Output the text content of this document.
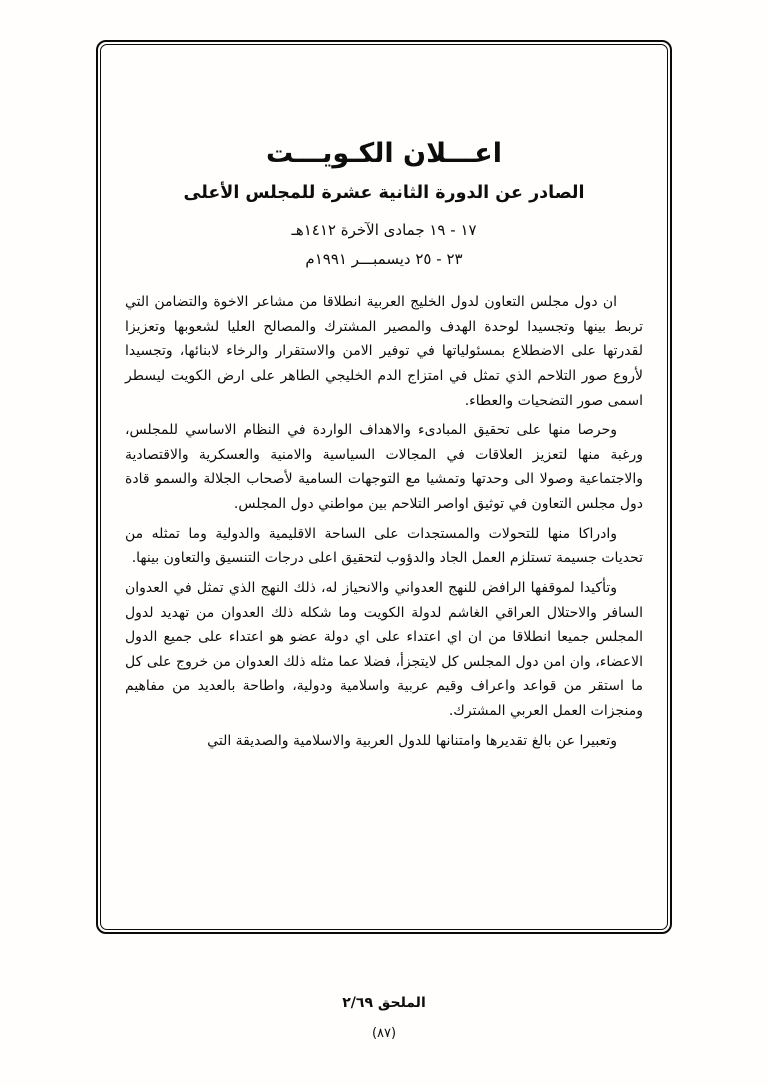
اعـــلان الكـويـــت
الصادر عن الدورة الثانية عشرة للمجلس الأعلى
١٧ - ١٩ جمادى الآخرة ١٤١٢هـ
٢٣ - ٢٥ ديسمبـــر ١٩٩١م

ان دول مجلس التعاون لدول الخليج العربية انطلاقا من مشاعر الاخوة والتضامن التي تربط بينها وتجسيدا لوحدة الهدف والمصير المشترك والمصالح العليا لشعوبها وتعزيزا لقدرتها على الاضطلاع بمسئولياتها في توفير الامن والاستقرار والرخاء لابنائها، وتجسيدا لأروع صور التلاحم الذي تمثل في امتزاج الدم الخليجي الطاهر على ارض الكويت ليسطر اسمى صور التضحيات والعطاء.

وحرصا منها على تحقيق المبادىء والاهداف الواردة في النظام الاساسي للمجلس، ورغبة منها لتعزيز العلاقات في المجالات السياسية والامنية والعسكرية والاقتصادية والاجتماعية وصولا الى وحدتها وتمشيا مع التوجهات السامية لأصحاب الجلالة والسمو قادة دول مجلس التعاون في توثيق اواصر التلاحم بين مواطني دول المجلس.

وادراكا منها للتحولات والمستجدات على الساحة الاقليمية والدولية وما تمثله من تحديات جسيمة تستلزم العمل الجاد والدؤوب لتحقيق اعلى درجات التنسيق والتعاون بينها.

وتأكيدا لموقفها الرافض للنهج العدواني والانحياز له، ذلك النهج الذي تمثل في العدوان السافر والاحتلال العراقي الغاشم لدولة الكويت وما شكله ذلك العدوان من تهديد لدول المجلس جميعا انطلاقا من ان اي اعتداء على اي دولة عضو هو اعتداء على جميع الدول الاعضاء، وان امن دول المجلس كل لايتجزأ، فضلا عما مثله ذلك العدوان من خروج على كل ما استقر من قواعد واعراف وقيم عربية واسلامية ودولية، واطاحة بالعديد من مفاهيم ومنجزات العمل العربي المشترك.

وتعبيرا عن بالغ تقديرها وامتنانها للدول العربية والاسلامية والصديقة التي

الملحق ٢/٦٩
(٨٧)
